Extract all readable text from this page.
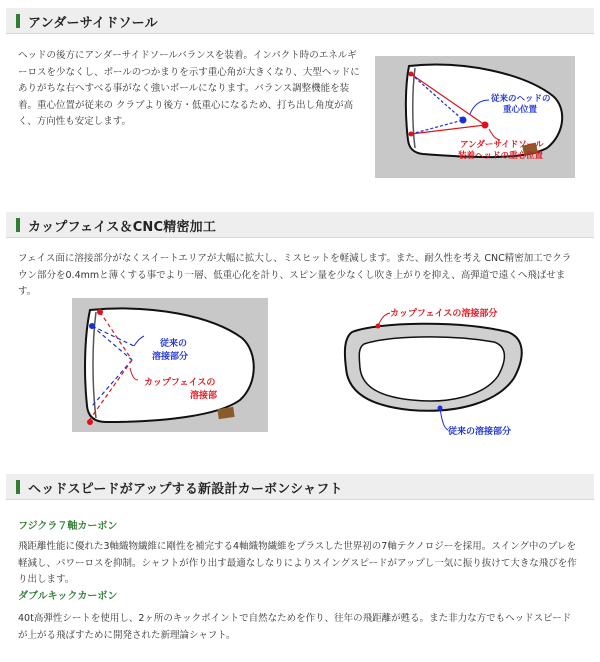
アンダーサイドソール

ヘッドの後方にアンダーサイドソールバランスを装着。インパクト時のエネルギーロスを少なくし、ボールのつかまりを示す重心角が大きくなり、大型ヘッドにありがちな右へすべる事がなく強いボールになります。バランス調整機能を装着。重心位置が従来の クラブより後方・低重心になるため、打ち出し角度が高く、方向性も安定します。

従来のヘッドの
重心位置
アンダーサイドソール
装着ヘッドの重心位置
カップフェイス＆CNC精密加工

フェイス面に溶接部分がなくスイートエリアが大幅に拡大し、ミスヒットを軽減します。また、耐久性を考え CNC精密加工でクラウン部分を0.4mmと薄くする事でより一層、低重心化を計り、スピン量を少なくし吹き上がりを抑え、高弾道で遠くへ飛ばせます。

従来の
溶接部分
カップフェイスの
溶接部
カップフェイスの溶接部分
従来の溶接部分
ヘッドスピードがアップする新設計カーボンシャフト
フジクラ７軸カーボン

飛距離性能に優れた3軸織物繊維に剛性を補完する4軸織物繊維をプラスした世界初の7軸テクノロジーを採用。スイング中のブレを軽減し、パワーロスを抑制。シャフトが作り出す最適なしなりによりスイングスピードがアップし一気に振り抜けて大きな飛びを作り出します。

ダブルキックカーボン

40t高弾性シートを使用し、2ヶ所のキックポイントで自然なためを作り、往年の飛距離が甦る。また非力な方でもヘッドスピードが上がる飛ばすために開発された新理論シャフト。
